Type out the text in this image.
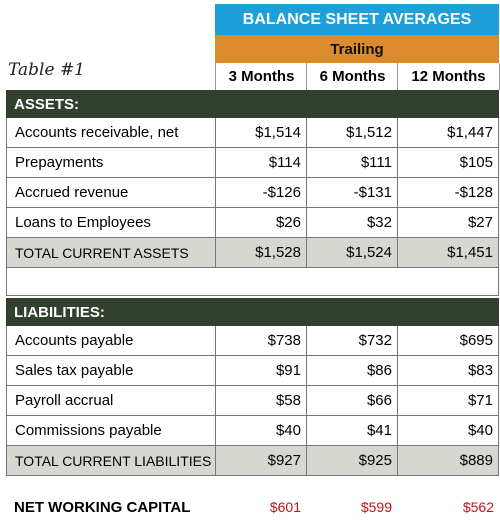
Table #1
BALANCE SHEET AVERAGES
Trailing
3 Months	6 Months	12 Months
ASSETS:
Accounts receivable, net	$1,514	$1,512	$1,447
Prepayments	$114	$111	$105
Accrued revenue	-$126	-$131	-$128
Loans to Employees	$26	$32	$27
TOTAL CURRENT ASSETS	$1,528	$1,524	$1,451
LIABILITIES:
Accounts payable	$738	$732	$695
Sales tax payable	$91	$86	$83
Payroll accrual	$58	$66	$71
Commissions payable	$40	$41	$40
TOTAL CURRENT LIABILITIES	$927	$925	$889
NET WORKING CAPITAL	$601	$599	$562
